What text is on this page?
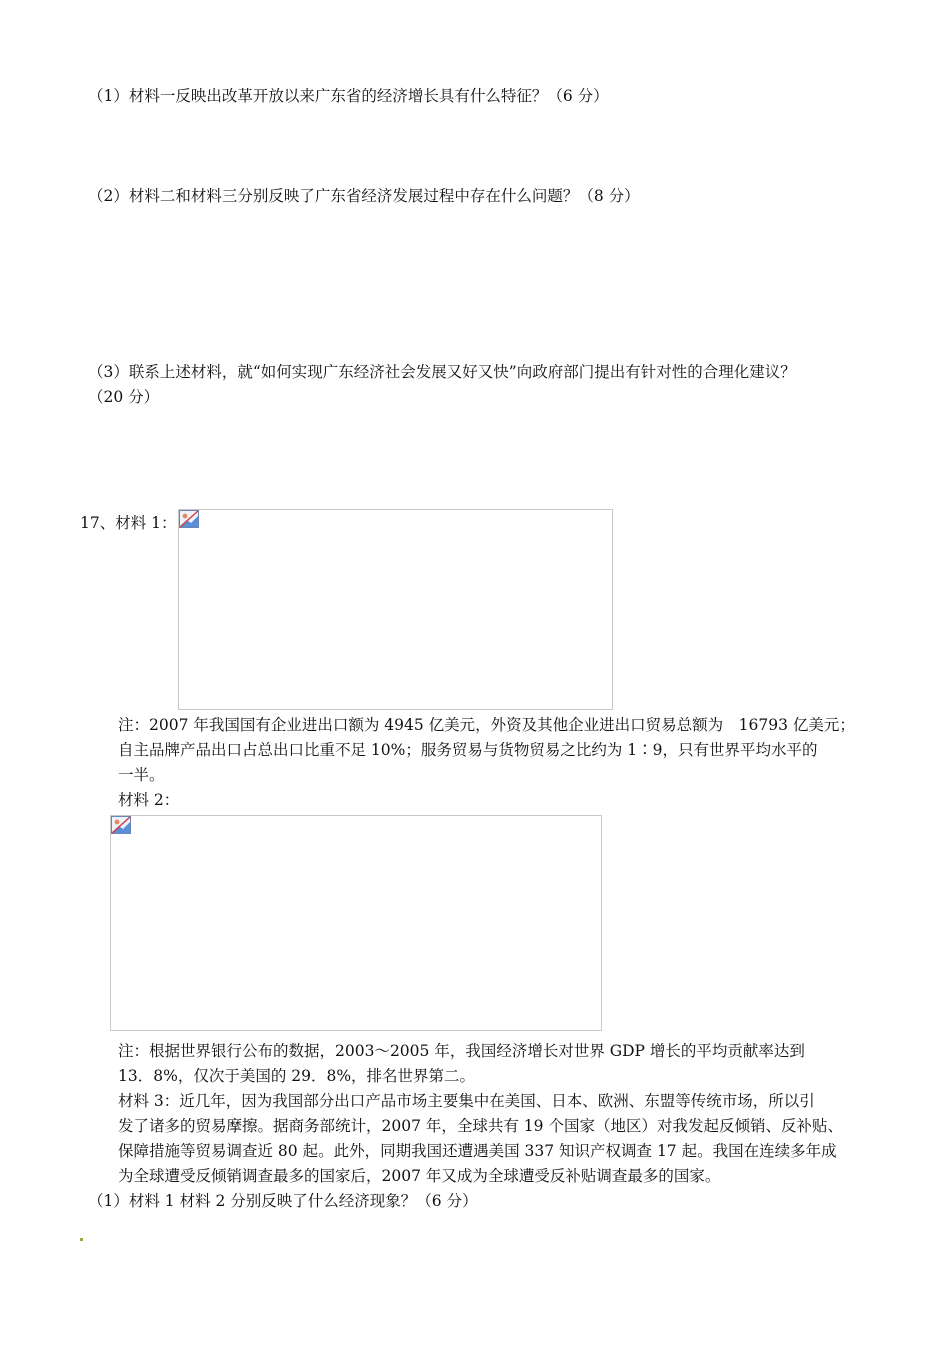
（1）材料一反映出改革开放以来广东省的经济增长具有什么特征？（6 分）
（2）材料二和材料三分别反映了广东省经济发展过程中存在什么问题？（8 分）
（3）联系上述材料，就“如何实现广东经济社会发展又好又快”向政府部门提出有针对性的合理化建议？
（20 分）
17、材料 1：
注：2007 年我国国有企业进出口额为 4945 亿美元，外资及其他企业进出口贸易总额为　16793 亿美元；
自主品牌产品出口占总出口比重不足 10%；服务贸易与货物贸易之比约为 1∶9，只有世界平均水平的
一半。
材料 2：
注：根据世界银行公布的数据，2003～2005 年，我国经济增长对世界 GDP 增长的平均贡献率达到
13．8%，仅次于美国的 29．8%，排名世界第二。
材料 3：近几年，因为我国部分出口产品市场主要集中在美国、日本、欧洲、东盟等传统市场，所以引
发了诸多的贸易摩擦。据商务部统计，2007 年，全球共有 19 个国家（地区）对我发起反倾销、反补贴、
保障措施等贸易调查近 80 起。此外，同期我国还遭遇美国 337 知识产权调查 17 起。我国在连续多年成
为全球遭受反倾销调查最多的国家后，2007 年又成为全球遭受反补贴调查最多的国家。
（1）材料 1 材料 2 分别反映了什么经济现象？（6 分）
